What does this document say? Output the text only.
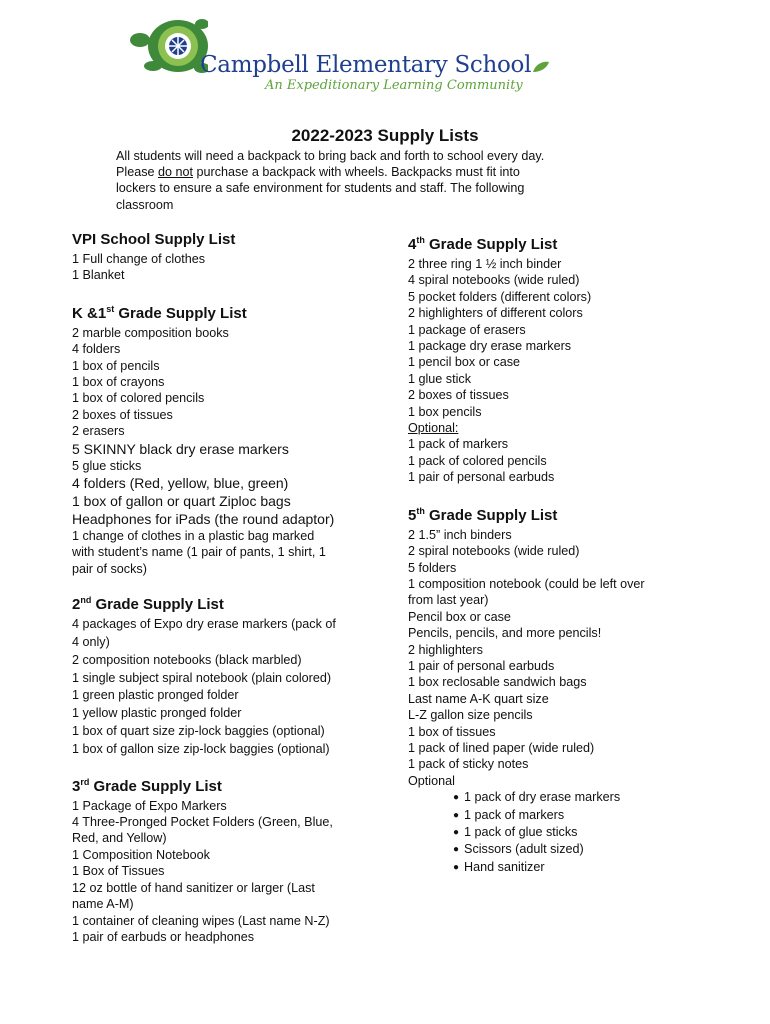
Campbell Elementary School
An Expeditionary Learning Community
2022-2023 Supply Lists

All students will need a backpack to bring back and forth to school every day.

Please do not purchase a backpack with wheels. Backpacks must fit into

lockers to ensure a safe environment for students and staff. The following

classroom

VPI School Supply List
1 Full change of clothes
1 Blanket
K &1st Grade Supply List
2 marble composition books
4 folders
1 box of pencils
1 box of crayons
1 box of colored pencils
2 boxes of tissues
2 erasers
5 SKINNY black dry erase markers
5 glue sticks
4 folders (Red, yellow, blue, green)
1 box of gallon or quart Ziploc bags
Headphones for iPads (the round adaptor)
1 change of clothes in a plastic bag marked
with student’s name (1 pair of pants, 1 shirt, 1
pair of socks)
2nd Grade Supply List
4 packages of Expo dry erase markers (pack of
4 only)
2 composition notebooks (black marbled)
1 single subject spiral notebook (plain colored)
1 green plastic pronged folder
1 yellow plastic pronged folder
1 box of quart size zip-lock baggies (optional)
1 box of gallon size zip-lock baggies (optional)
3rd Grade Supply List
1 Package of Expo Markers
4 Three-Pronged Pocket Folders (Green, Blue,
Red, and Yellow)
1 Composition Notebook
1 Box of Tissues
12 oz bottle of hand sanitizer or larger (Last
name A-M)
1 container of cleaning wipes (Last name N-Z)
1 pair of earbuds or headphones
4th Grade Supply List
2 three ring 1 ½ inch binder
4 spiral notebooks (wide ruled)
5 pocket folders (different colors)
2 highlighters of different colors
1 package of erasers
1 package dry erase markers
1 pencil box or case
1 glue stick
2 boxes of tissues
1 box pencils
Optional:
1 pack of markers
1 pack of colored pencils
1 pair of personal earbuds
5th Grade Supply List
2 1.5” inch binders
2 spiral notebooks (wide ruled)
5 folders
1 composition notebook (could be left over
from last year)
Pencil box or case
Pencils, pencils, and more pencils!
2 highlighters
1 pair of personal earbuds
1 box reclosable sandwich bags
Last name A-K quart size
L-Z gallon size pencils
1 box of tissues
1 pack of lined paper (wide ruled)
1 pack of sticky notes
Optional
● 1 pack of dry erase markers
● 1 pack of markers
● 1 pack of glue sticks
● Scissors (adult sized)
● Hand sanitizer
